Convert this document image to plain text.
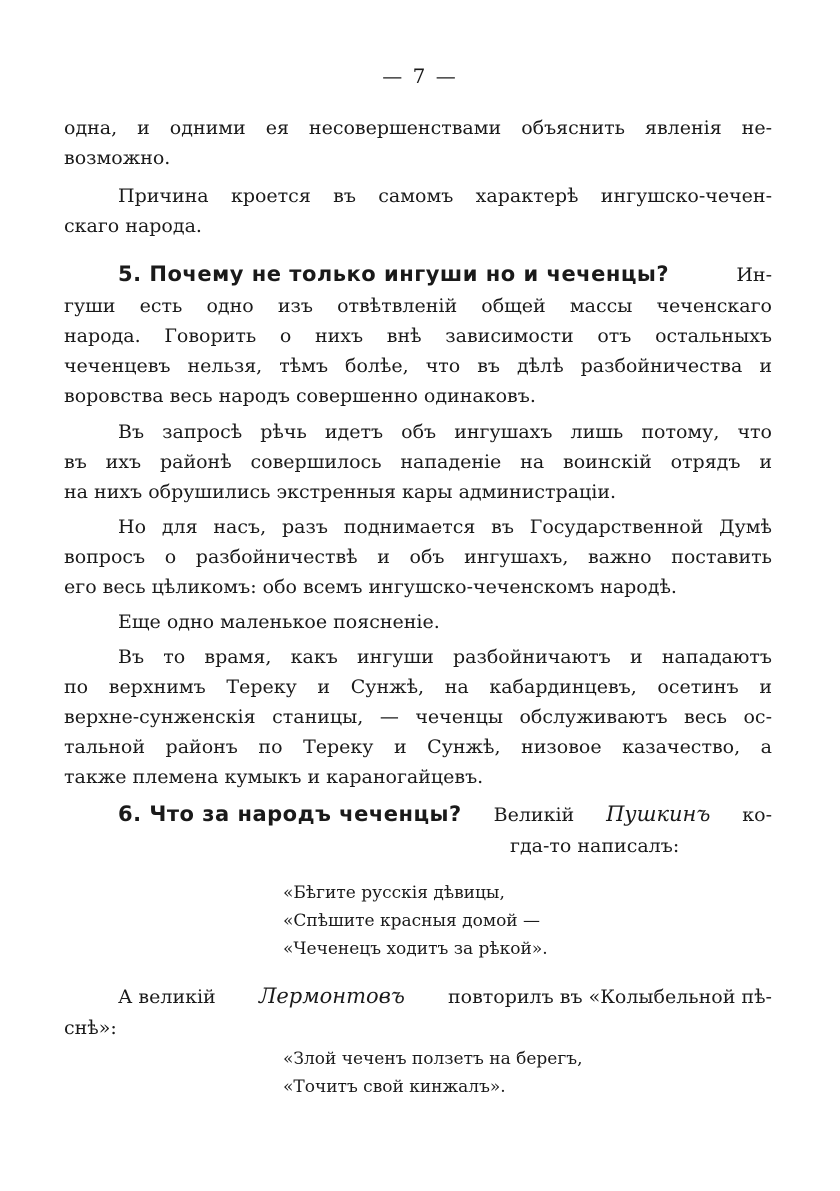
— 7 —
одна, и одними ея несовершенствами объяснить явленія не-
возможно.
Причина кроется въ самомъ характерѣ ингушско-чечен-
скаго народа.
5. Почему не только ингуши но и чеченцы?	Ин-
гуши есть одно изъ отвѣтвленій общей массы чеченскаго
народа. Говорить о нихъ внѣ зависимости отъ остальныхъ
чеченцевъ нельзя, тѣмъ болѣе, что въ дѣлѣ разбойничества и
воровства весь народъ совершенно одинаковъ.
Въ запросѣ рѣчь идетъ объ ингушахъ лишь потому, что
въ ихъ районѣ совершилось нападеніе на воинскій отрядъ и
на нихъ обрушились экстренныя кары администраціи.
Но для насъ, разъ поднимается въ Государственной Думѣ
вопросъ о разбойничествѣ и объ ингушахъ, важно поставить
его весь цѣликомъ: обо всемъ ингушско-чеченскомъ народѣ.
Еще одно маленькое поясненіе.
Въ то врамя, какъ ингуши разбойничаютъ и нападаютъ
по верхнимъ Тереку и Сунжѣ, на кабардинцевъ, осетинъ и
верхне-сунженскія станицы, — чеченцы обслуживаютъ весь ос-
тальной районъ по Тереку и Сунжѣ, низовое казачество, а
также племена кумыкъ и караногайцевъ.
6. Что за народъ чеченцы? Великій Пушкинъ ко-
гда-то написалъ:
«Бѣгите русскія дѣвицы,
«Спѣшите красныя домой —
«Чеченецъ ходитъ за рѣкой».
А великій Лермонтовъ повторилъ въ «Колыбельной пѣ-
снѣ»:
«Злой чеченъ ползетъ на берегъ,
«Точитъ свой кинжалъ».
